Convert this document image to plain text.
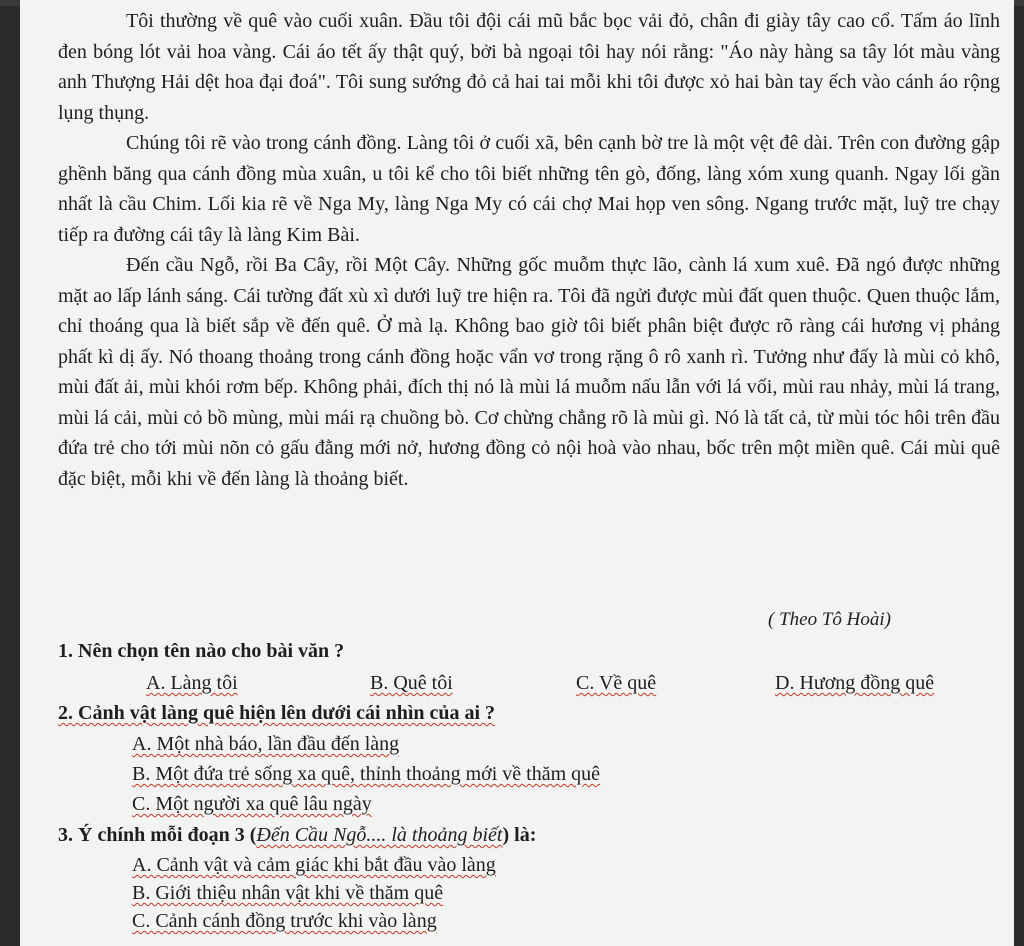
Tôi thường về quê vào cuối xuân. Đầu tôi đội cái mũ bắc bọc vải đỏ, chân đi giày tây cao cổ. Tấm áo lĩnh đen bóng lót vải hoa vàng. Cái áo tết ấy thật quý, bởi bà ngoại tôi hay nói rằng: "Áo này hàng sa tây lót màu vàng anh Thượng Hải dệt hoa đại đoá". Tôi sung sướng đỏ cả hai tai mỗi khi tôi được xỏ hai bàn tay ếch vào cánh áo rộng lụng thụng.

Chúng tôi rẽ vào trong cánh đồng. Làng tôi ở cuối xã, bên cạnh bờ tre là một vệt đê dài. Trên con đường gập ghềnh băng qua cánh đồng mùa xuân, u tôi kể cho tôi biết những tên gò, đống, làng xóm xung quanh. Ngay lối gần nhất là cầu Chim. Lối kia rẽ về Nga My, làng Nga My có cái chợ Mai họp ven sông. Ngang trước mặt, luỹ tre chạy tiếp ra đường cái tây là làng Kim Bài.

Đến cầu Ngỗ, rồi Ba Cây, rồi Một Cây. Những gốc muỗm thực lão, cành lá xum xuê. Đã ngó được những mặt ao lấp lánh sáng. Cái tường đất xù xì dưới luỹ tre hiện ra. Tôi đã ngửi được mùi đất quen thuộc. Quen thuộc lắm, chỉ thoáng qua là biết sắp về đến quê. Ở mà lạ. Không bao giờ tôi biết phân biệt được rõ ràng cái hương vị phảng phất kì dị ấy. Nó thoang thoảng trong cánh đồng hoặc vẩn vơ trong rặng ô rô xanh rì. Tưởng như đấy là mùi cỏ khô, mùi đất ải, mùi khói rơm bếp. Không phải, đích thị nó là mùi lá muỗm nấu lẫn với lá vối, mùi rau nhảy, mùi lá trang, mùi lá cải, mùi cỏ bồ mùng, mùi mái rạ chuồng bò. Cơ chừng chẳng rõ là mùi gì. Nó là tất cả, từ mùi tóc hôi trên đầu đứa trẻ cho tới mùi nõn cỏ gấu đằng mới nở, hương đồng cỏ nội hoà vào nhau, bốc trên một miền quê. Cái mùi quê đặc biệt, mỗi khi về đến làng là thoảng biết.

( Theo Tô Hoài)
1. Nên chọn tên nào cho bài văn ?
A. Làng tôi	B. Quê tôi	C. Về quê	D. Hương đồng quê
2. Cảnh vật làng quê hiện lên dưới cái nhìn của ai ?
A. Một nhà báo, lần đầu đến làng
B. Một đứa trẻ sống xa quê, thỉnh thoảng mới về thăm quê
C. Một người xa quê lâu ngày
3. Ý chính mỗi đoạn 3 (Đến Cầu Ngỗ.... là thoảng biết) là:
A. Cảnh vật và cảm giác khi bắt đầu vào làng
B. Giới thiệu nhân vật khi về thăm quê
C. Cảnh cánh đồng trước khi vào làng
